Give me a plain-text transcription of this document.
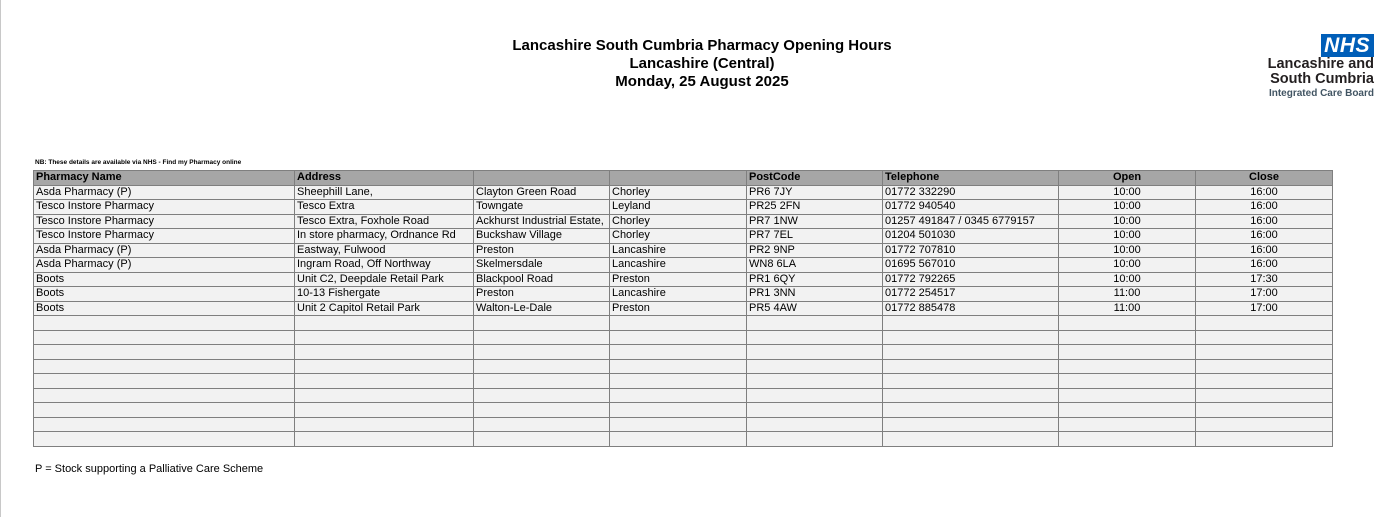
Lancashire South Cumbria Pharmacy Opening Hours
Lancashire (Central)
Monday, 25 August 2025
NHS
Lancashire and
South Cumbria
Integrated Care Board
NB: These details are available via NHS - Find my Pharmacy online
Pharmacy Name	Address			PostCode	Telephone	Open	Close
Asda Pharmacy (P)	Sheephill Lane,	Clayton Green Road	Chorley	PR6 7JY	01772 332290	10:00	16:00
Tesco Instore Pharmacy	Tesco Extra	Towngate	Leyland	PR25 2FN	01772 940540	10:00	16:00
Tesco Instore Pharmacy	Tesco Extra, Foxhole Road	Ackhurst Industrial Estate,	Chorley	PR7 1NW	01257 491847 / 0345 6779157	10:00	16:00
Tesco Instore Pharmacy	In store pharmacy, Ordnance Rd	Buckshaw Village	Chorley	PR7 7EL	01204 501030	10:00	16:00
Asda Pharmacy (P)	Eastway, Fulwood	Preston	Lancashire	PR2 9NP	01772 707810	10:00	16:00
Asda Pharmacy (P)	Ingram Road, Off Northway	Skelmersdale	Lancashire	WN8 6LA	01695 567010	10:00	16:00
Boots	Unit C2, Deepdale Retail Park	Blackpool Road	Preston	PR1 6QY	01772 792265	10:00	17:30
Boots	10-13 Fishergate	Preston	Lancashire	PR1 3NN	01772 254517	11:00	17:00
Boots	Unit 2 Capitol Retail Park	Walton-Le-Dale	Preston	PR5 4AW	01772 885478	11:00	17:00

P = Stock supporting a Palliative Care Scheme
